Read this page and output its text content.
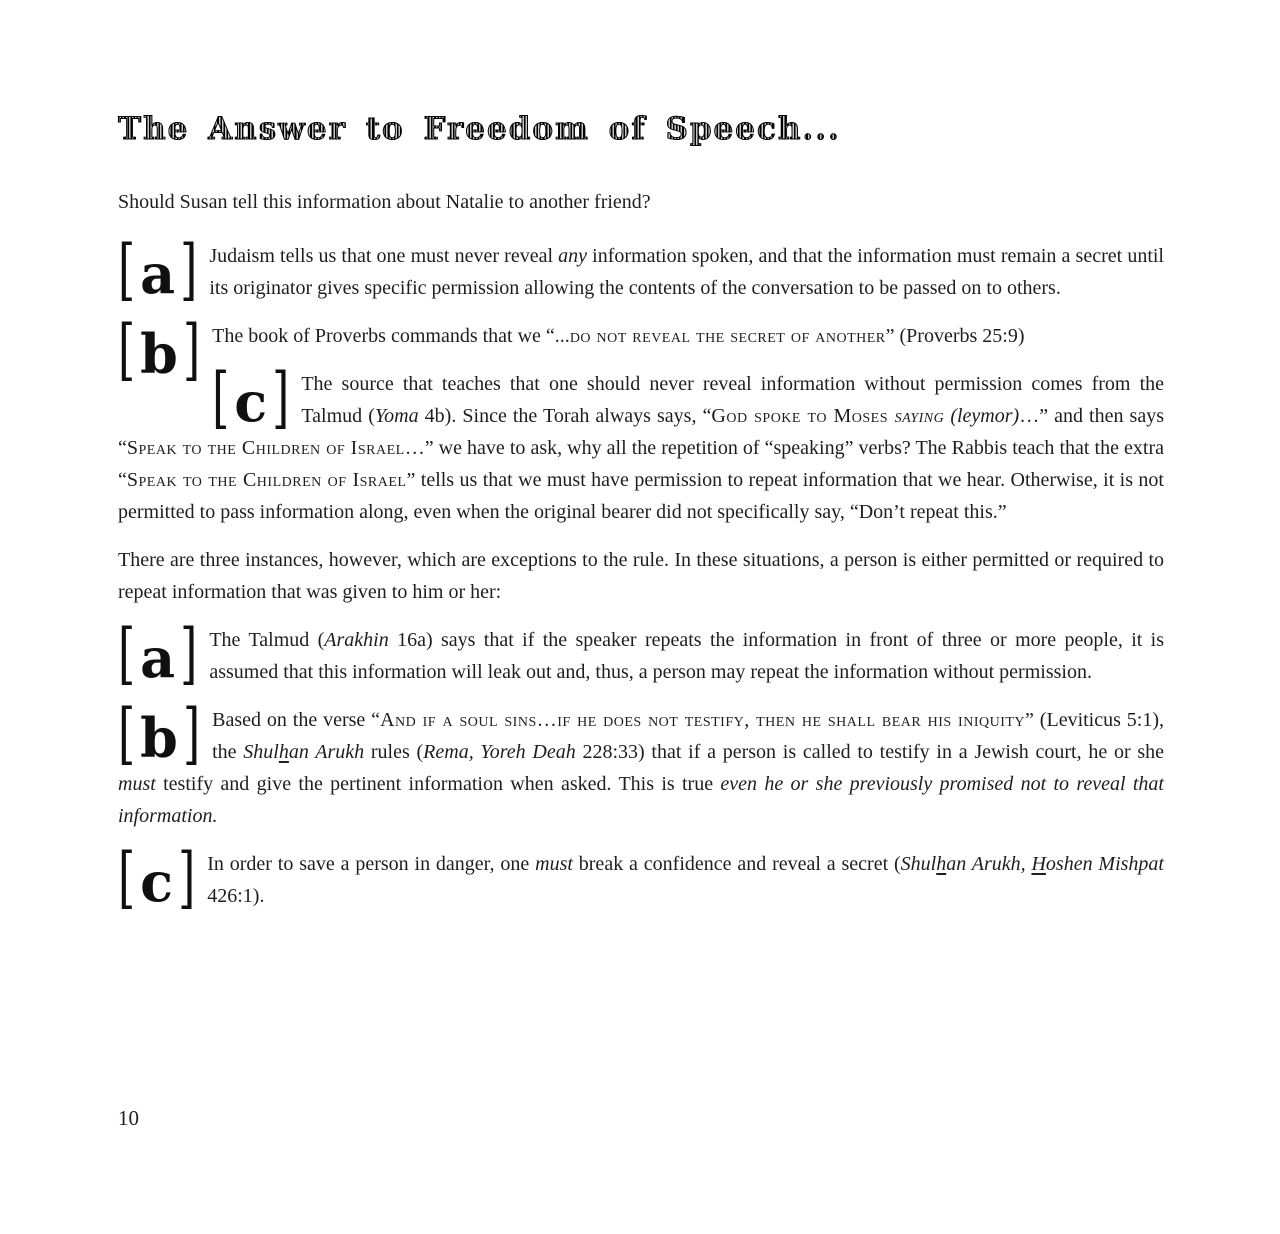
The Answer to Freedom of Speech...

Should Susan tell this information about Natalie to another friend?

[ a ] Judaism tells us that one must never reveal any information spoken, and that the information must remain a secret until its originator gives specific permission allowing the contents of the conversation to be passed on to others.
[ b ] The book of Proverbs commands that we “...do not reveal the secret of another” (Proverbs 25:9)
[ c ] The source that teaches that one should never reveal information without permission comes from the Talmud (Yoma 4b). Since the Torah always says, “God spoke to Moses saying (leymor)…” and then says “Speak to the Children of Israel…” we have to ask, why all the repetition of “speaking” verbs? The Rabbis teach that the extra “Speak to the Children of Israel” tells us that we must have permission to repeat information that we hear. Otherwise, it is not permitted to pass information along, even when the original bearer did not specifically say, “Don’t repeat this.”
There are three instances, however, which are exceptions to the rule. In these situations, a person is either permitted or required to repeat information that was given to him or her:
[ a ] The Talmud (Arakhin 16a) says that if the speaker repeats the information in front of three or more people, it is assumed that this information will leak out and, thus, a person may repeat the information without permission.
[ b ] Based on the verse “And if a soul sins…if he does not testify, then he shall bear his iniquity” (Leviticus 5:1), the Shulhan Arukh rules (Rema, Yoreh Deah 228:33) that if a person is called to testify in a Jewish court, he or she must testify and give the pertinent information when asked. This is true even he or she previously promised not to reveal that information.
[ c ] In order to save a person in danger, one must break a confidence and reveal a secret (Shulhan Arukh, Hoshen Mishpat 426:1).
10
